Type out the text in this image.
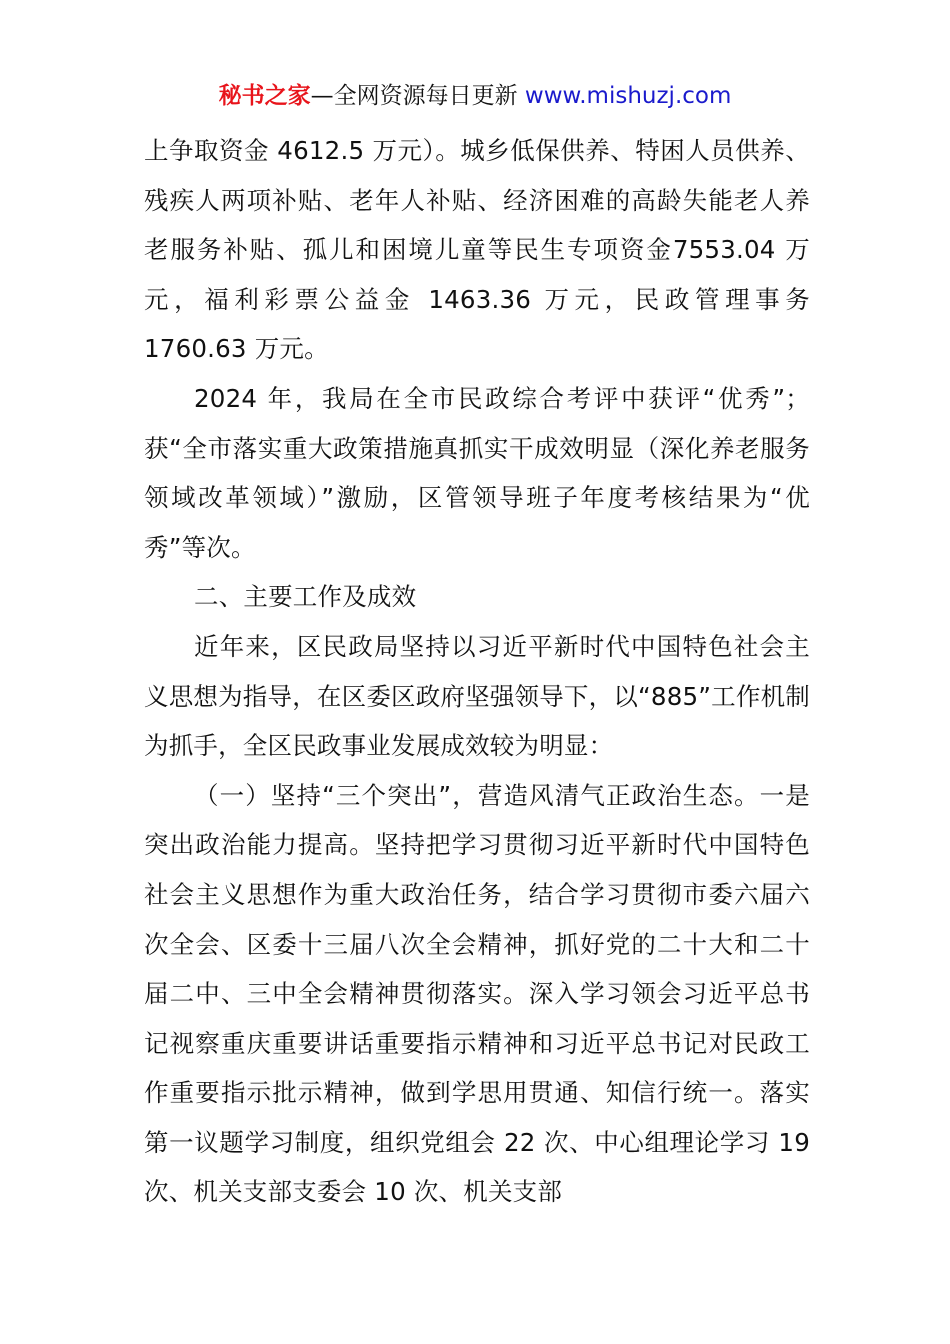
秘书之家—全网资源每日更新 www.mishuzj.com

上争取资金 4612.5 万元）。城乡低保供养、特困人员供养、残疾人两项补贴、老年人补贴、经济困难的高龄失能老人养老服务补贴、孤儿和困境儿童等民生专项资金7553.04 万元，福利彩票公益金 1463.36 万元，民政管理事务 1760.63 万元。

2024 年，我局在全市民政综合考评中获评“优秀”；获“全市落实重大政策措施真抓实干成效明显（深化养老服务领域改革领域）”激励，区管领导班子年度考核结果为“优秀”等次。

二、主要工作及成效

近年来，区民政局坚持以习近平新时代中国特色社会主义思想为指导，在区委区政府坚强领导下，以“885”工作机制为抓手，全区民政事业发展成效较为明显：

（一）坚持“三个突出”，营造风清气正政治生态。一是突出政治能力提高。坚持把学习贯彻习近平新时代中国特色社会主义思想作为重大政治任务，结合学习贯彻市委六届六次全会、区委十三届八次全会精神，抓好党的二十大和二十届二中、三中全会精神贯彻落实。深入学习领会习近平总书记视察重庆重要讲话重要指示精神和习近平总书记对民政工作重要指示批示精神，做到学思用贯通、知信行统一。落实第一议题学习制度，组织党组会 22 次、中心组理论学习 19 次、机关支部支委会 10 次、机关支部
